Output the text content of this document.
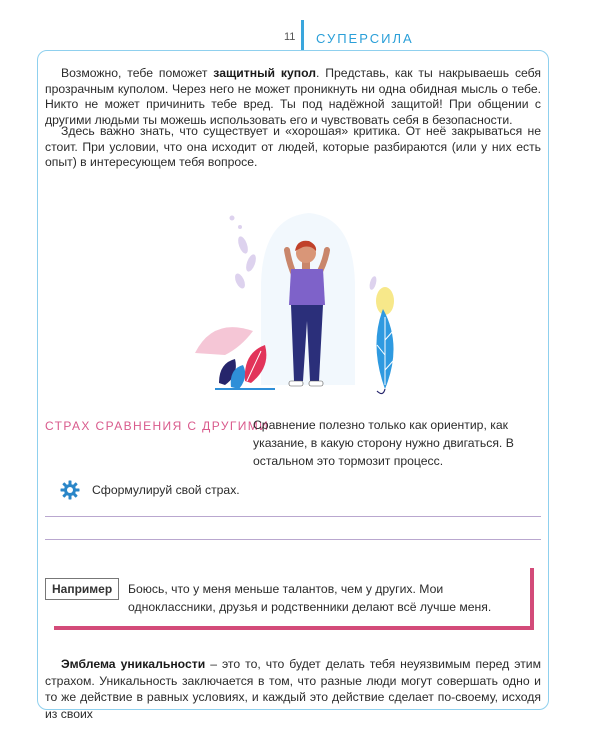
11 СУПЕРСИЛА

Возможно, тебе поможет защитный купол. Представь, как ты накрываешь себя прозрачным куполом. Через него не может проникнуть ни одна обидная мысль о тебе. Никто не может причинить тебе вред. Ты под надёжной защитой! При общении с другими людьми ты можешь использовать его и чувствовать себя в безопасности.

Здесь важно знать, что существует и «хорошая» критика. От неё закрываться не стоит. При условии, что она исходит от людей, которые разбираются (или у них есть опыт) в интересующем тебя вопросе.

СТРАХ СРАВНЕНИЯ С ДРУГИМИ
Сравнение полезно только как ориентир, как указание, в какую сторону нужно двигаться. В остальном это тормозит процесс.
Сформулируй свой страх.
Например	Боюсь, что у меня меньше талантов, чем у других. Мои одноклассники, друзья и родственники делают всё лучше меня.

Эмблема уникальности – это то, что будет делать тебя неуязвимым перед этим страхом. Уникальность заключается в том, что разные люди могут совершать одно и то же действие в равных условиях, и каждый это действие сделает по-своему, исходя из своих
